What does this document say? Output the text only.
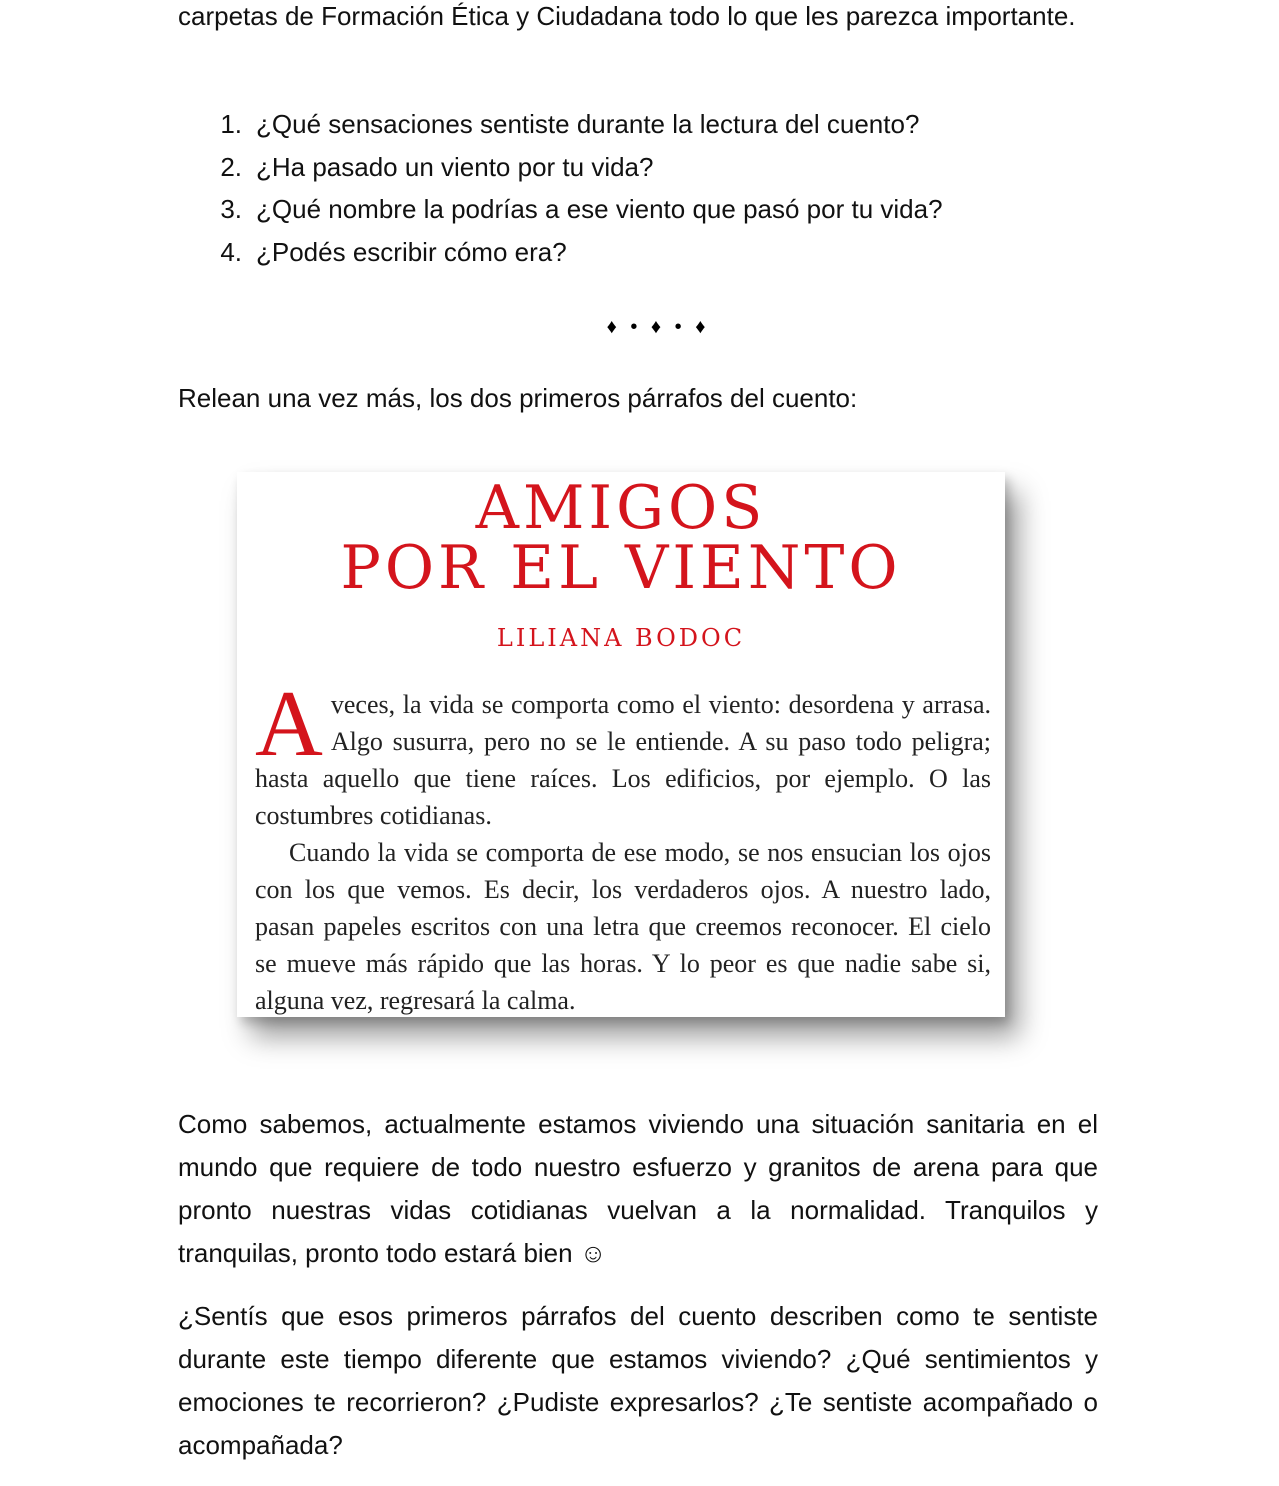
carpetas de Formación Ética y Ciudadana todo lo que les parezca importante.

1. ¿Qué sensaciones sentiste durante la lectura del cuento?
2. ¿Ha pasado un viento por tu vida?
3. ¿Qué nombre la podrías a ese viento que pasó por tu vida?
4. ¿Podés escribir cómo era?
♦ • ♦ • ♦

Relean una vez más, los dos primeros párrafos del cuento:

Como sabemos, actualmente estamos viviendo una situación sanitaria en el mundo que requiere de todo nuestro esfuerzo y granitos de arena para que pronto nuestras vidas cotidianas vuelvan a la normalidad. Tranquilos y tranquilas, pronto todo estará bien ☺

¿Sentís que esos primeros párrafos del cuento describen como te sentiste durante este tiempo diferente que estamos viviendo? ¿Qué sentimientos y emociones te recorrieron? ¿Pudiste expresarlos? ¿Te sentiste acompañado o acompañada?

AMIGOS
POR EL VIENTO
LILIANA BODOC

Aveces, la vida se comporta como el viento: desordena y arrasa. Algo susurra, pero no se le entiende. A su paso todo peligra; hasta aquello que tiene raíces. Los edificios, por ejemplo. O las costumbres cotidianas.

Cuando la vida se comporta de ese modo, se nos ensucian los ojos con los que vemos. Es decir, los verdaderos ojos. A nuestro lado, pasan papeles escritos con una letra que creemos reconocer. El cielo se mueve más rápido que las horas. Y lo peor es que nadie sabe si, alguna vez, regresará la calma.
